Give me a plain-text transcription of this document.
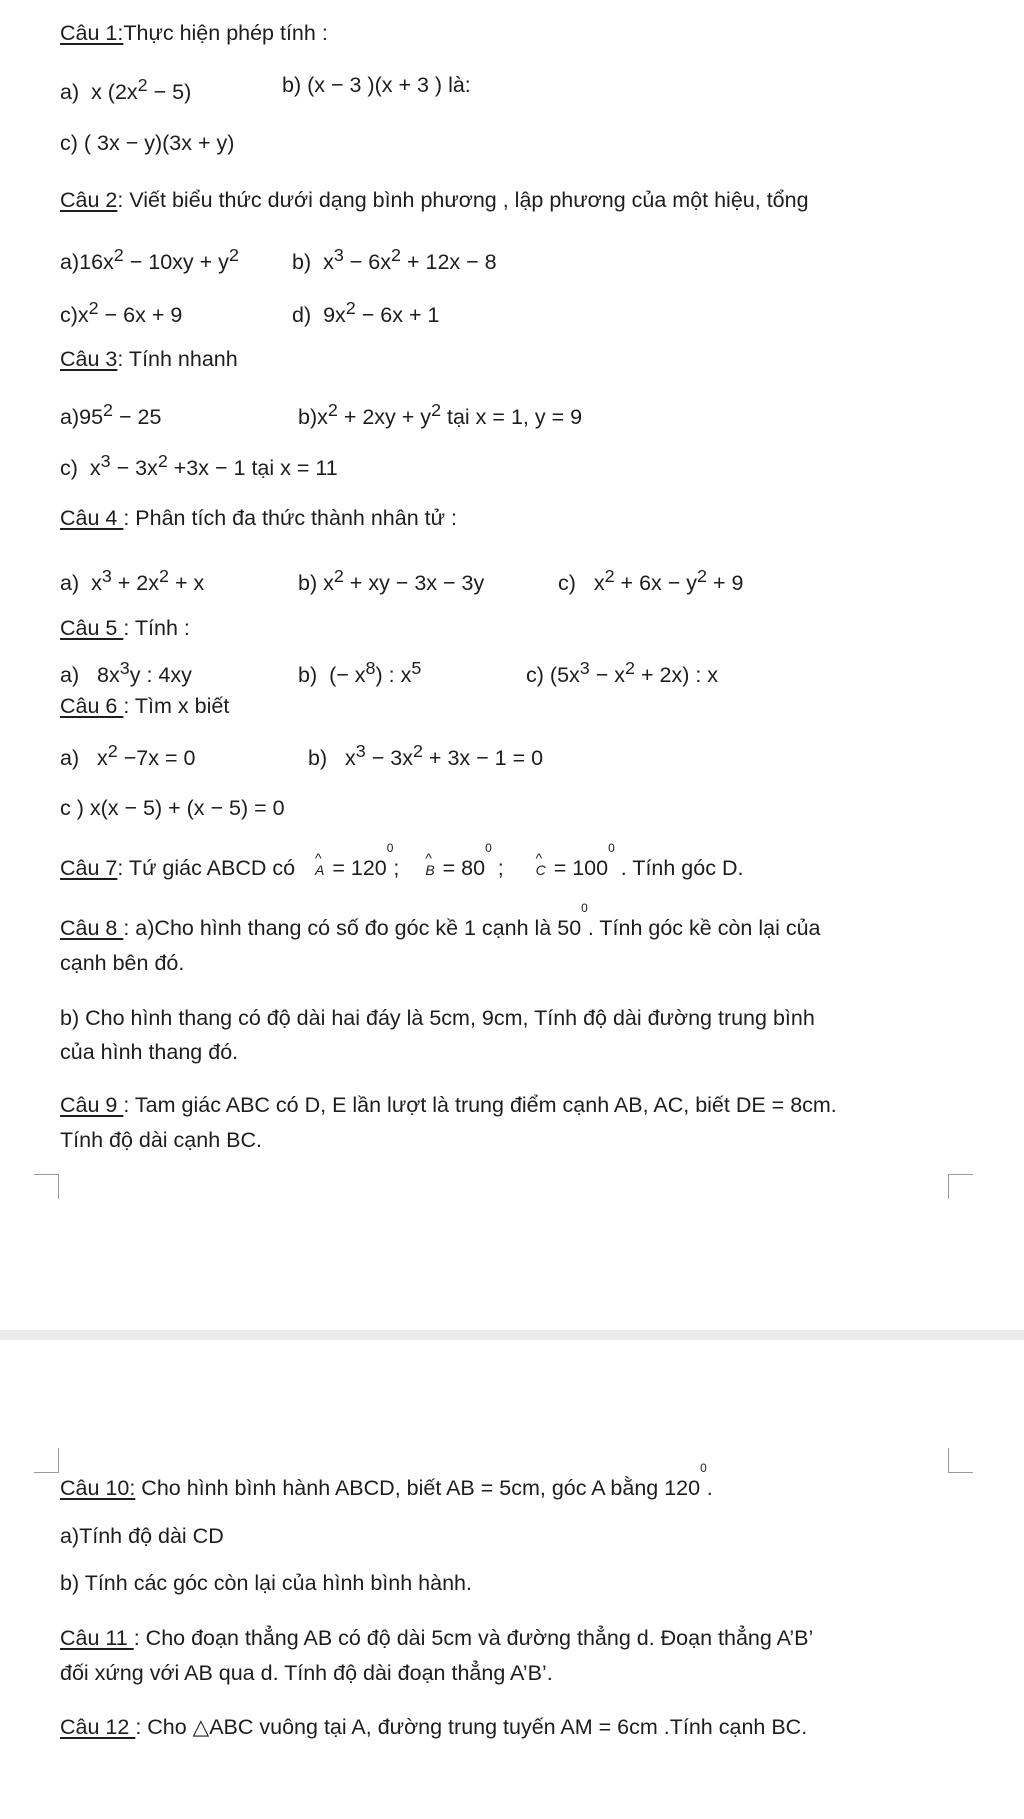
Câu 1:Thực hiện phép tính :
a) x $(2x^2 - 5)$	b) (x − 3 )(x + 3 ) là:
c) ( 3x − y)(3x + y)
Câu 2: Viết biểu thức dưới dạng bình phương , lập phương của một hiệu, tổng
$a)16x^2 - 10xy + y^2$ b) $x^3 - 6x^2 + 12x - 8$
$c)x^2 - 6x + 9$	d) $9x^2 - 6x + 1$
Câu 3: Tính nhanh
$a)95^2 - 25$	$b)x^2 + 2xy + y^2$ tại x = 1, y = 9
c) $x^3 - 3x^2 +3x - 1$ tại x = 11
Câu 4 : Phân tích đa thức thành nhân tử :
a) $x^3 + 2x^2 + x$	b) $x^2$ + xy − 3x − 3y	c) $x^2 + 6x - y^2 + 9$
Câu 5 : Tính :
a) $8x^3y$ : 4xy	b) (− $x^8$) : $x^5$	c) $(5x^3 - x^2 + 2x)$ : x
Câu 6 : Tìm x biết
a) $x^2 -7x = 0$	b) $x^3 - 3x^2 + 3x - 1 = 0$
c ) x(x − 5) + (x − 5) = 0
Câu 7: Tứ giác ABCD có   ^ $A = 120^0$; ^ $B = 80^0$ ; ^ $C = 100^0$ . Tính góc D.
Câu 8 : a)Cho hình thang có số đo góc kề 1 cạnh là $50^0$. Tính góc kề còn lại của
cạnh bên đó.
b) Cho hình thang có độ dài hai đáy là 5cm, 9cm, Tính độ dài đường trung bình
của hình thang đó.
Câu 9 : Tam giác ABC có D, E lần lượt là trung điểm cạnh AB, AC, biết DE = 8cm.
Tính độ dài cạnh BC.
Câu 10: Cho hình bình hành ABCD, biết AB = 5cm, góc A bằng $120^0$.
a)Tính độ dài CD
b) Tính các góc còn lại của hình bình hành.
Câu 11 : Cho đoạn thẳng AB có độ dài 5cm và đường thẳng d. Đoạn thẳng A’B’
đối xứng với AB qua d. Tính độ dài đoạn thẳng A’B’.
Câu 12 : Cho △ABC vuông tại A, đường trung tuyến AM = 6cm .Tính cạnh BC.
